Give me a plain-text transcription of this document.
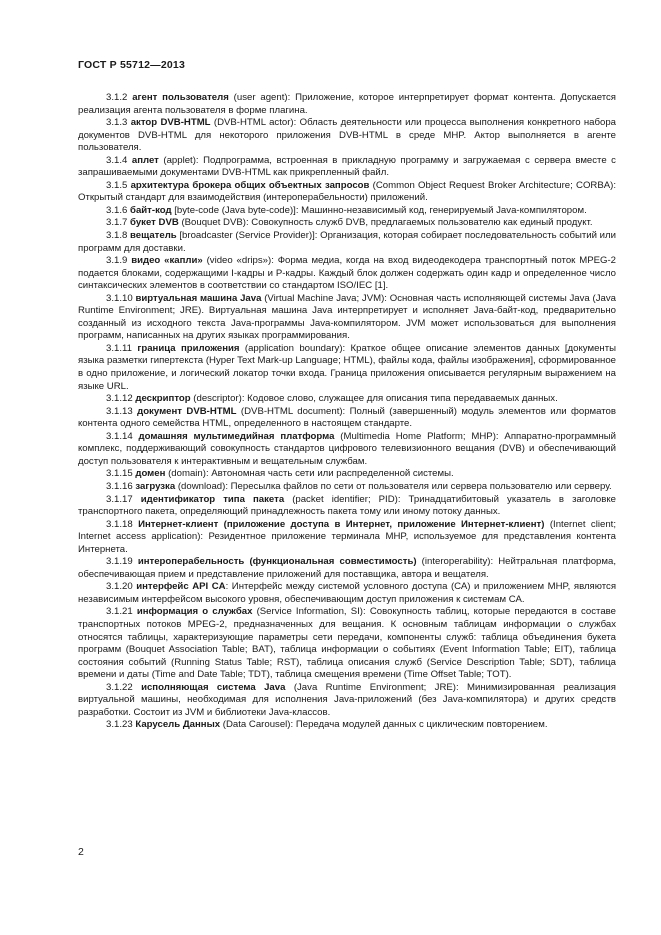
ГОСТ Р 55712—2013

3.1.2 агент пользователя (user agent): Приложение, которое интерпретирует формат контента. Допускается реализация агента пользователя в форме плагина.

3.1.3 актор DVB-HTML (DVB-HTML actor): Область деятельности или процесса выполнения конкретного набора документов DVB-HTML для некоторого приложения DVB-HTML в среде MHP. Актор выполняется в агенте пользователя.

3.1.4 аплет (applet): Подпрограмма, встроенная в прикладную программу и загружаемая с сервера вместе с запрашиваемыми документами DVB-HTML как прикрепленный файл.

3.1.5 архитектура брокера общих объектных запросов (Common Object Request Broker Architecture; CORBA): Открытый стандарт для взаимодействия (интероперабельности) приложений.

3.1.6 байт-код [byte-code (Java byte-code)]: Машинно-независимый код, генерируемый Java-компилятором.

3.1.7 букет DVB (Bouquet DVB): Совокупность служб DVB, предлагаемых пользователю как единый продукт.

3.1.8 вещатель [broadcaster (Service Provider)]: Организация, которая собирает последовательность событий или программ для доставки.

3.1.9 видео «капли» (video «drips»): Форма медиа, когда на вход видеодекодера транспортный поток MPEG-2 подается блоками, содержащими I-кадры и Р-кадры. Каждый блок должен содержать один кадр и определенное число синтаксических элементов в соответствии со стандартом ISO/IEC [1].

3.1.10 виртуальная машина Java (Virtual Machine Java; JVM): Основная часть исполняющей системы Java (Java Runtime Environment; JRE). Виртуальная машина Java интерпретирует и исполняет Java-байт-код, предварительно созданный из исходного текста Java-программы Java-компилятором. JVM может использоваться для выполнения программ, написанных на других языках программирования.

3.1.11 граница приложения (application boundary): Краткое общее описание элементов данных [документы языка разметки гипертекста (Hyper Text Mark-up Language; HTML), файлы кода, файлы изображения], сформированное в одно приложение, и логический локатор точки входа. Граница приложения описывается регулярным выражением на языке URL.

3.1.12 дескриптор (descriptor): Кодовое слово, служащее для описания типа передаваемых данных.

3.1.13 документ DVB-HTML (DVB-HTML document): Полный (завершенный) модуль элементов или форматов контента одного семейства HTML, определенного в настоящем стандарте.

3.1.14 домашняя мультимедийная платформа (Multimedia Home Platform; MHP): Аппаратно-программный комплекс, поддерживающий совокупность стандартов цифрового телевизионного вещания (DVB) и обеспечивающий доступ пользователя к интерактивным и вещательным службам.

3.1.15 домен (domain): Автономная часть сети или распределенной системы.

3.1.16 загрузка (download): Пересылка файлов по сети от пользователя или сервера пользователю или серверу.

3.1.17 идентификатор типа пакета (packet identifier; PID): Тринадцатибитовый указатель в заголовке транспортного пакета, определяющий принадлежность пакета тому или иному потоку данных.

3.1.18 Интернет-клиент (приложение доступа в Интернет, приложение Интернет-клиент) (Internet client; Internet access application): Резидентное приложение терминала MHP, используемое для представления контента Интернета.

3.1.19 интероперабельность (функциональная совместимость) (interoperability): Нейтральная платформа, обеспечивающая прием и представление приложений для поставщика, автора и вещателя.

3.1.20 интерфейс API CA: Интерфейс между системой условного доступа (СА) и приложением MHP, являются независимым интерфейсом высокого уровня, обеспечивающим доступ приложения к системам СА.

3.1.21 информация о службах (Service Information, SI): Совокупность таблиц, которые передаются в составе транспортных потоков MPEG-2, предназначенных для вещания. К основным таблицам информации о службах относятся таблицы, характеризующие параметры сети передачи, компоненты служб: таблица объединения букета программ (Bouquet Association Table; BAT), таблица информации о событиях (Event Information Table; EIT), таблица состояния событий (Running Status Table; RST), таблица описания служб (Service Description Table; SDT), таблица времени и даты (Time and Date Table; TDT), таблица смещения времени (Time Offset Table; TOT).

3.1.22 исполняющая система Java (Java Runtime Environment; JRE): Минимизированная реализация виртуальной машины, необходимая для исполнения Java-приложений (без Java-компилятора) и других средств разработки. Состоит из JVM и библиотеки Java-классов.

3.1.23 Карусель Данных (Data Carousel): Передача модулей данных с циклическим повторением.

2
